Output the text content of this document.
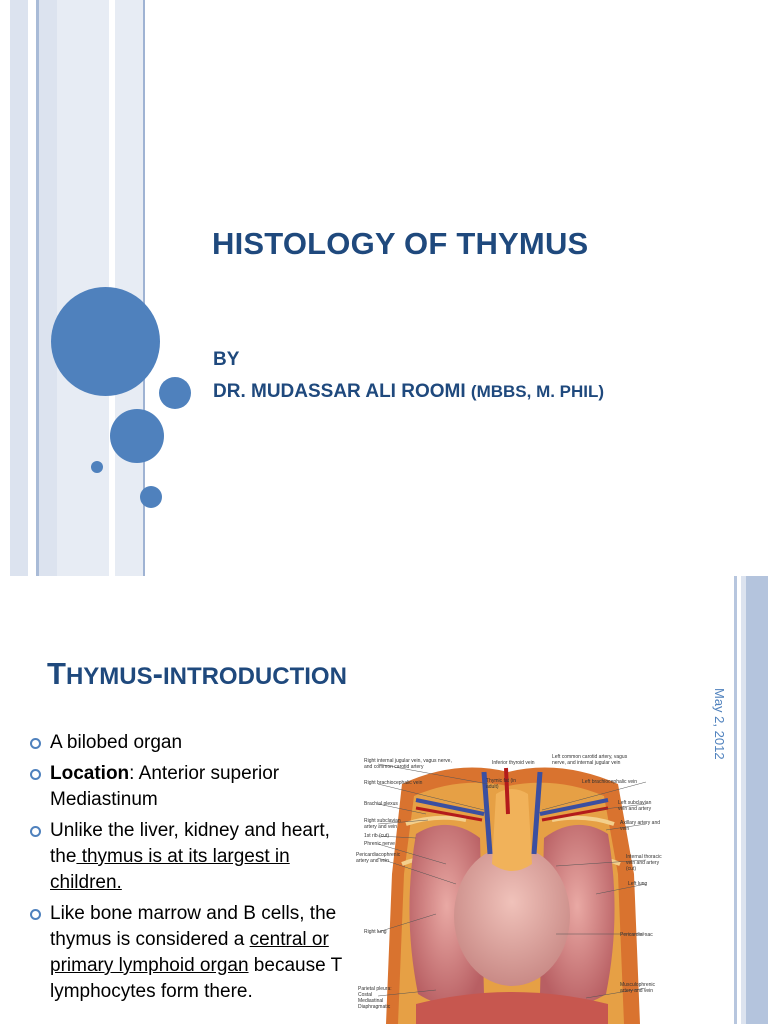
HISTOLOGY OF THYMUS
BY
DR. MUDASSAR ALI ROOMI (MBBS, M. PHIL)
THYMUS-INTRODUCTION
May 2, 2012
A bilobed organ
Location: Anterior superior Mediastinum
Unlike the liver, kidney and heart, the thymus is at its largest in children.
Like bone marrow and B cells, the thymus is considered a central or primary lymphoid organ because T lymphocytes form there.
Right internal jugular vein, vagus nerve, and common carotid artery
Right brachiocephalic vein
Brachial plexus
Right subclavian artery and vein
1st rib (cut)
Phrenic nerve
Pericardiacophrenic artery and vein
Right lung
Parietal pleura: Costal Mediastinal Diaphragmatic
Inferior thyroid vein
Thymic fat (in adult)
Left common carotid artery, vagus nerve, and internal jugular vein
Left brachiocephalic vein
Left subclavian vein and artery
Axillary artery and vein
Internal thoracic vein and artery (cut)
Left lung
Pericardial sac
Musculophrenic artery and vein
